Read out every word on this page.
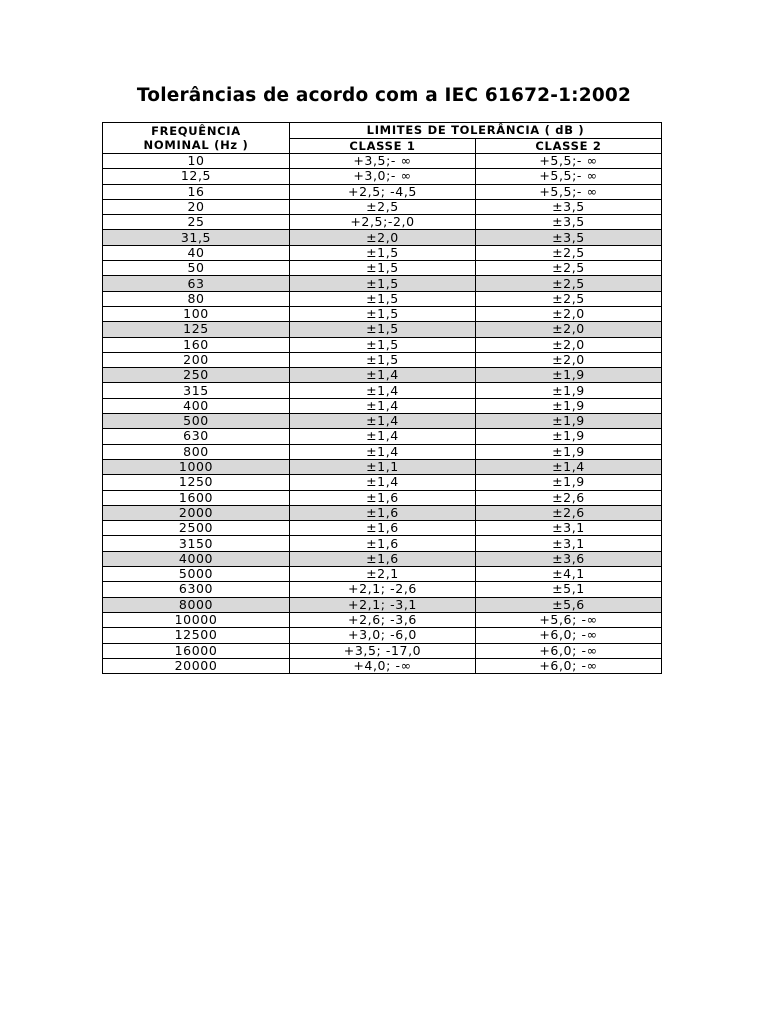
Tolerâncias de acordo com a IEC 61672-1:2002
FREQUÊNCIA
NOMINAL (Hz )	LIMITES DE TOLERÂNCIA ( dB )	
	CLASSE 1	CLASSE 2
10	+3,5;- ∞	+5,5;- ∞
12,5	+3,0;- ∞	+5,5;- ∞
16	+2,5; -4,5	+5,5;- ∞
20	±2,5	±3,5
25	+2,5;-2,0	±3,5
31,5	±2,0	±3,5
40	±1,5	±2,5
50	±1,5	±2,5
63	±1,5	±2,5
80	±1,5	±2,5
100	±1,5	±2,0
125	±1,5	±2,0
160	±1,5	±2,0
200	±1,5	±2,0
250	±1,4	±1,9
315	±1,4	±1,9
400	±1,4	±1,9
500	±1,4	±1,9
630	±1,4	±1,9
800	±1,4	±1,9
1000	±1,1	±1,4
1250	±1,4	±1,9
1600	±1,6	±2,6
2000	±1,6	±2,6
2500	±1,6	±3,1
3150	±1,6	±3,1
4000	±1,6	±3,6
5000	±2,1	±4,1
6300	+2,1; -2,6	±5,1
8000	+2,1; -3,1	±5,6
10000	+2,6; -3,6	+5,6; -∞
12500	+3,0; -6,0	+6,0; -∞
16000	+3,5; -17,0	+6,0; -∞
20000	+4,0; -∞	+6,0; -∞
